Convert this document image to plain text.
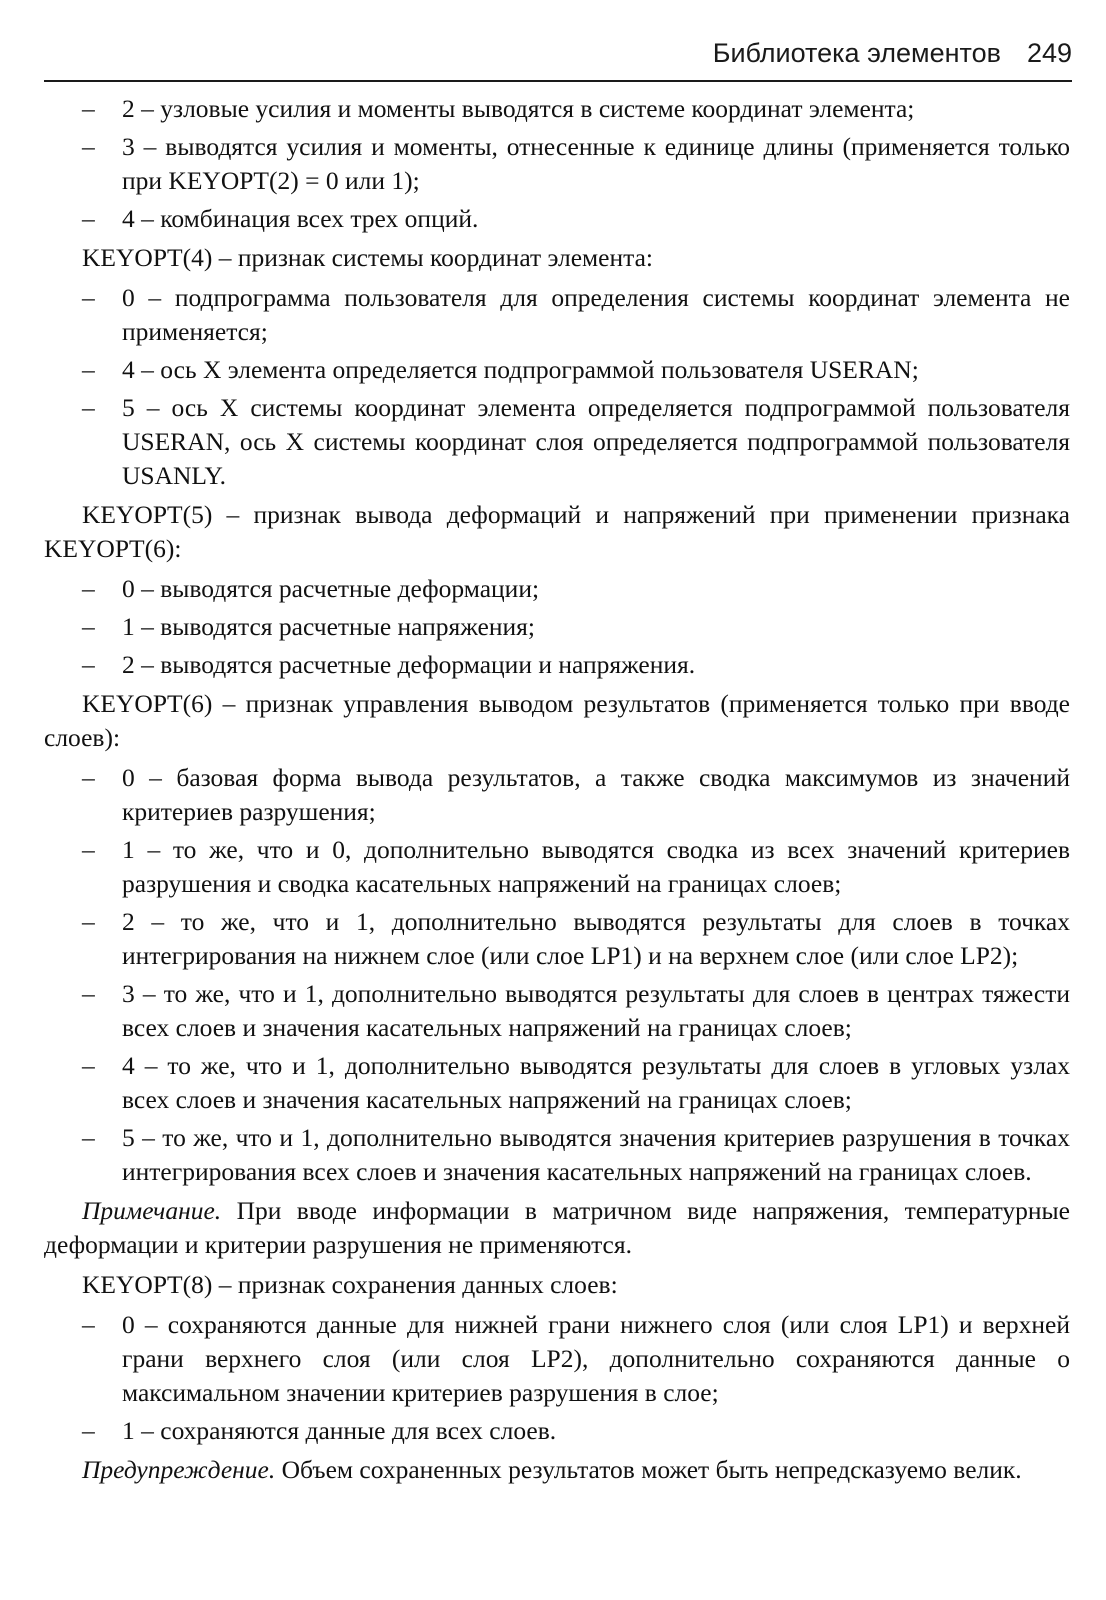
Библиотека элементов 249
– 2 – узловые усилия и моменты выводятся в системе координат элемента;
– 3 – выводятся усилия и моменты, отнесенные к единице длины (применяется только при KEYOPT(2) = 0 или 1);
– 4 – комбинация всех трех опций.

KEYOPT(4) – признак системы координат элемента:

– 0 – подпрограмма пользователя для определения системы координат элемента не применяется;
– 4 – ось X элемента определяется подпрограммой пользователя USERAN;
– 5 – ось X системы координат элемента определяется подпрограммой пользователя USERAN, ось X системы координат слоя определяется подпрограммой пользователя USANLY.

KEYOPT(5) – признак вывода деформаций и напряжений при применении признака KEYOPT(6):

– 0 – выводятся расчетные деформации;
– 1 – выводятся расчетные напряжения;
– 2 – выводятся расчетные деформации и напряжения.

KEYOPT(6) – признак управления выводом результатов (применяется только при вводе слоев):

– 0 – базовая форма вывода результатов, а также сводка максимумов из значений критериев разрушения;
– 1 – то же, что и 0, дополнительно выводятся сводка из всех значений критериев разрушения и сводка касательных напряжений на границах слоев;
– 2 – то же, что и 1, дополнительно выводятся результаты для слоев в точках интегрирования на нижнем слое (или слое LP1) и на верхнем слое (или слое LP2);
– 3 – то же, что и 1, дополнительно выводятся результаты для слоев в центрах тяжести всех слоев и значения касательных напряжений на границах слоев;
– 4 – то же, что и 1, дополнительно выводятся результаты для слоев в угловых узлах всех слоев и значения касательных напряжений на границах слоев;
– 5 – то же, что и 1, дополнительно выводятся значения критериев разрушения в точках интегрирования всех слоев и значения касательных напряжений на границах слоев.

Примечание. При вводе информации в матричном виде напряжения, температурные деформации и критерии разрушения не применяются.

KEYOPT(8) – признак сохранения данных слоев:

– 0 – сохраняются данные для нижней грани нижнего слоя (или слоя LP1) и верхней грани верхнего слоя (или слоя LP2), дополнительно сохраняются данные о максимальном значении критериев разрушения в слое;
– 1 – сохраняются данные для всех слоев.

Предупреждение. Объем сохраненных результатов может быть непредсказуемо велик.
